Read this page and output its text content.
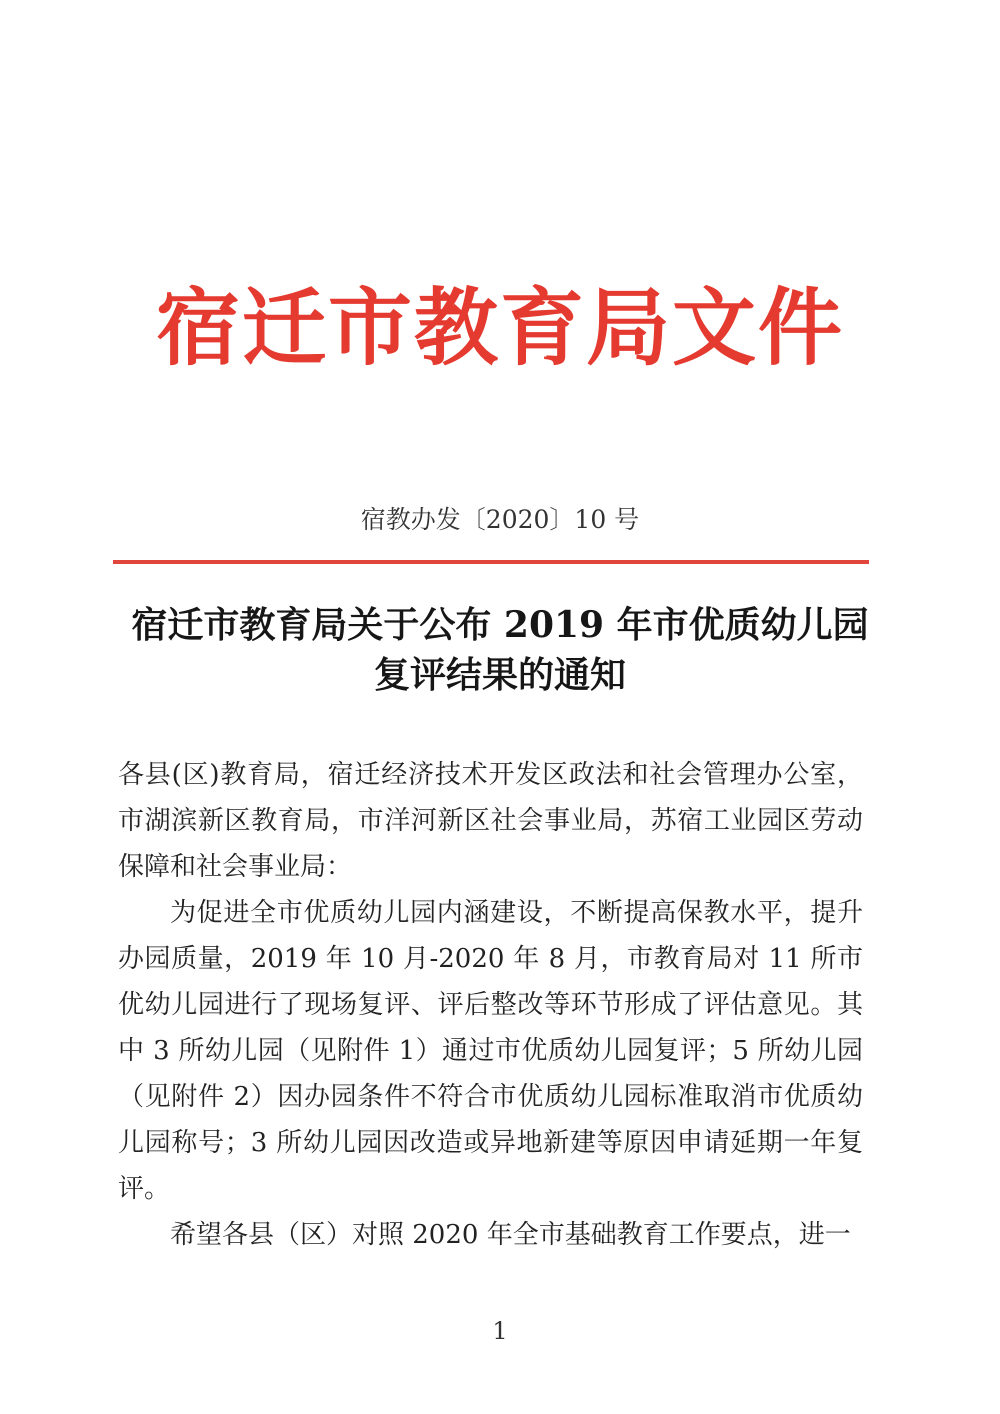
宿迁市教育局文件
宿教办发〔2020〕10 号
宿迁市教育局关于公布 2019 年市优质幼儿园
复评结果的通知

各县(区)教育局，宿迁经济技术开发区政法和社会管理办公室，市湖滨新区教育局，市洋河新区社会事业局，苏宿工业园区劳动保障和社会事业局：

为促进全市优质幼儿园内涵建设，不断提高保教水平，提升办园质量，2019 年 10 月-2020 年 8 月，市教育局对 11 所市优幼儿园进行了现场复评、评后整改等环节形成了评估意见。其中 3 所幼儿园（见附件 1）通过市优质幼儿园复评；5 所幼儿园（见附件 2）因办园条件不符合市优质幼儿园标准取消市优质幼儿园称号；3 所幼儿园因改造或异地新建等原因申请延期一年复评。

希望各县（区）对照 2020 年全市基础教育工作要点，进一

1
